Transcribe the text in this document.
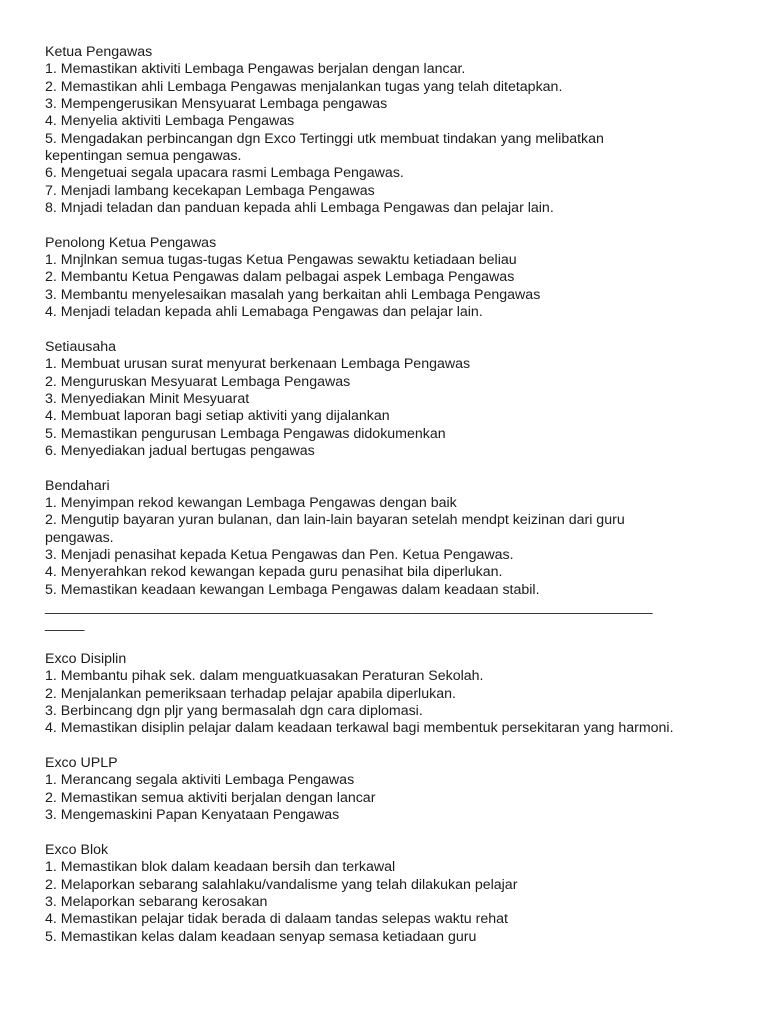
Ketua Pengawas
1. Memastikan aktiviti Lembaga Pengawas berjalan dengan lancar.
2. Memastikan ahli Lembaga Pengawas menjalankan tugas yang telah ditetapkan.
3. Mempengerusikan Mensyuarat Lembaga pengawas
4. Menyelia aktiviti Lembaga Pengawas
5. Mengadakan perbincangan dgn Exco Tertinggi utk membuat tindakan yang melibatkan
kepentingan semua pengawas.
6. Mengetuai segala upacara rasmi Lembaga Pengawas.
7. Menjadi lambang kecekapan Lembaga Pengawas
8. Mnjadi teladan dan panduan kepada ahli Lembaga Pengawas dan pelajar lain.
Penolong Ketua Pengawas
1. Mnjlnkan semua tugas-tugas Ketua Pengawas sewaktu ketiadaan beliau
2. Membantu Ketua Pengawas dalam pelbagai aspek Lembaga Pengawas
3. Membantu menyelesaikan masalah yang berkaitan ahli Lembaga Pengawas
4. Menjadi teladan kepada ahli Lemabaga Pengawas dan pelajar lain.
Setiausaha
1. Membuat urusan surat menyurat berkenaan Lembaga Pengawas
2. Menguruskan Mesyuarat Lembaga Pengawas
3. Menyediakan Minit Mesyuarat
4. Membuat laporan bagi setiap aktiviti yang dijalankan
5. Memastikan pengurusan Lembaga Pengawas didokumenkan
6. Menyediakan jadual bertugas pengawas
Bendahari
1. Menyimpan rekod kewangan Lembaga Pengawas dengan baik
2. Mengutip bayaran yuran bulanan, dan lain-lain bayaran setelah mendpt keizinan dari guru
pengawas.
3. Menjadi penasihat kepada Ketua Pengawas dan Pen. Ketua Pengawas.
4. Menyerahkan rekod kewangan kepada guru penasihat bila diperlukan.
5. Memastikan keadaan kewangan Lembaga Pengawas dalam keadaan stabil.
_____________________________________________________________________________
_____
Exco Disiplin
1. Membantu pihak sek. dalam menguatkuasakan Peraturan Sekolah.
2. Menjalankan pemeriksaan terhadap pelajar apabila diperlukan.
3. Berbincang dgn pljr yang bermasalah dgn cara diplomasi.
4. Memastikan disiplin pelajar dalam keadaan terkawal bagi membentuk persekitaran yang harmoni.
Exco UPLP
1. Merancang segala aktiviti Lembaga Pengawas
2. Memastikan semua aktiviti berjalan dengan lancar
3. Mengemaskini Papan Kenyataan Pengawas
Exco Blok
1. Memastikan blok dalam keadaan bersih dan terkawal
2. Melaporkan sebarang salahlaku/vandalisme yang telah dilakukan pelajar
3. Melaporkan sebarang kerosakan
4. Memastikan pelajar tidak berada di dalaam tandas selepas waktu rehat
5. Memastikan kelas dalam keadaan senyap semasa ketiadaan guru
